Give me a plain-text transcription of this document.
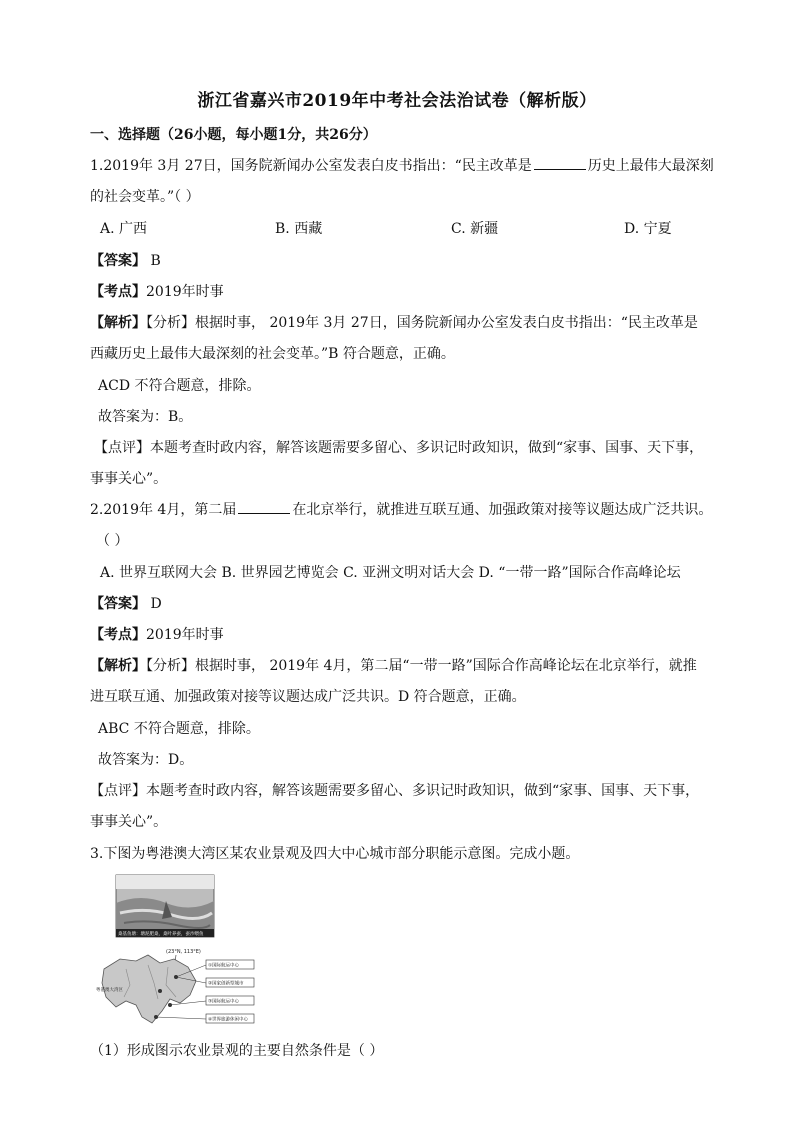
浙江省嘉兴市2019年中考社会法治试卷（解析版）
一、选择题（26小题，每小题1分，共26分）
1.2019年 3月 27日，国务院新闻办公室发表白皮书指出：“民主改革是	历史上最伟大最深刻
的社会变革。”（ ）
A. 广西	B. 西藏	C. 新疆	D. 宁夏
【答案】 B
【考点】2019年时事
【解析】【分析】根据时事， 2019年 3月 27日，国务院新闻办公室发表白皮书指出：“民主改革是
西藏历史上最伟大最深刻的社会变革。”B 符合题意，正确。
ACD 不符合题意，排除。
故答案为：B。
【点评】本题考查时政内容，解答该题需要多留心、多识记时政知识，做到“家事、国事、天下事，
事事关心”。
2.2019年 4月，第二届	在北京举行，就推进互联互通、加强政策对接等议题达成广泛共识。
（ ）
A. 世界互联网大会 B. 世界园艺博览会 C. 亚洲文明对话大会 D. “一带一路”国际合作高峰论坛
【答案】 D
【考点】2019年时事
【解析】【分析】根据时事， 2019年 4月，第二届“一带一路”国际合作高峰论坛在北京举行，就推
进互联互通、加强政策对接等议题达成广泛共识。D 符合题意，正确。
ABC 不符合题意，排除。
故答案为：D。
【点评】本题考查时政内容，解答该题需要多留心、多识记时政知识，做到“家事、国事、天下事，
事事关心”。
3.下图为粤港澳大湾区某农业景观及四大中心城市部分职能示意图。完成小题。
桑基鱼塘：塘泥肥桑，桑叶养蚕，蚕沙喂鱼
(23°N, 113°E)
粤港澳大湾区
①国际航运中心
②国家创新型城市
③国际航运中心
④世界旅游休闲中心
（1）形成图示农业景观的主要自然条件是（ ）
